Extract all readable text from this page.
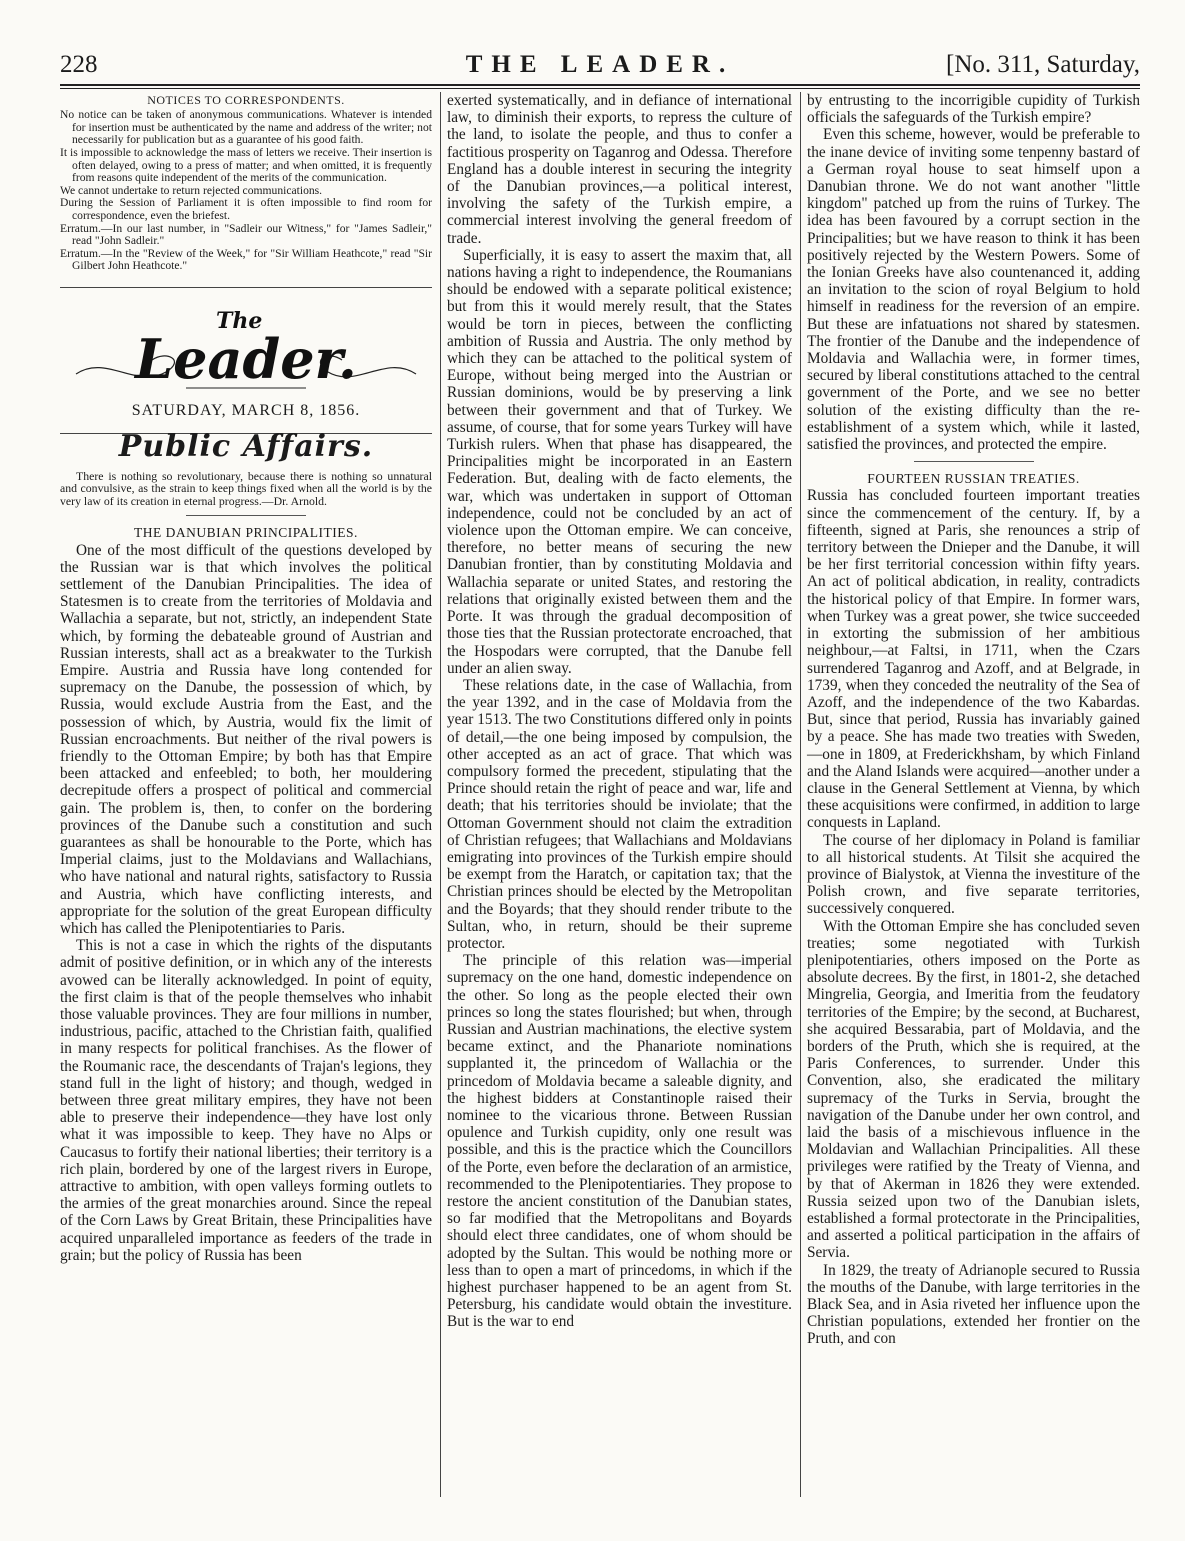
228	THE LEADER.	[No. 311, Saturday,
NOTICES TO CORRESPONDENTS.

No notice can be taken of anonymous communications. Whatever is intended for insertion must be authenticated by the name and address of the writer; not necessarily for publication but as a guarantee of his good faith.

It is impossible to acknowledge the mass of letters we receive. Their insertion is often delayed, owing to a press of matter; and when omitted, it is frequently from reasons quite independent of the merits of the communication.

We cannot undertake to return rejected communications.

During the Session of Parliament it is often impossible to find room for correspondence, even the briefest.

Erratum.—In our last number, in "Sadleir our Witness," for "James Sadleir," read "John Sadleir."

Erratum.—In the "Review of the Week," for "Sir William Heathcote," read "Sir Gilbert John Heathcote."

The
Leader.
SATURDAY, MARCH 8, 1856.
Public Affairs.

There is nothing so revolutionary, because there is nothing so unnatural and convulsive, as the strain to keep things fixed when all the world is by the very law of its creation in eternal progress.—Dr. Arnold.

THE DANUBIAN PRINCIPALITIES.

One of the most difficult of the questions developed by the Russian war is that which involves the political settlement of the Danubian Principalities. The idea of Statesmen is to create from the territories of Moldavia and Wallachia a separate, but not, strictly, an independent State which, by forming the debateable ground of Austrian and Russian interests, shall act as a breakwater to the Turkish Empire. Austria and Russia have long contended for supremacy on the Danube, the possession of which, by Russia, would exclude Austria from the East, and the possession of which, by Austria, would fix the limit of Russian encroachments. But neither of the rival powers is friendly to the Ottoman Empire; by both has that Empire been attacked and enfeebled; to both, her mouldering decrepitude offers a prospect of political and commercial gain. The problem is, then, to confer on the bordering provinces of the Danube such a constitution and such guarantees as shall be honourable to the Porte, which has Imperial claims, just to the Moldavians and Wallachians, who have national and natural rights, satisfactory to Russia and Austria, which have conflicting interests, and appropriate for the solution of the great European difficulty which has called the Plenipotentiaries to Paris.

This is not a case in which the rights of the disputants admit of positive definition, or in which any of the interests avowed can be literally acknowledged. In point of equity, the first claim is that of the people themselves who inhabit those valuable provinces. They are four millions in number, industrious, pacific, attached to the Christian faith, qualified in many respects for political franchises. As the flower of the Roumanic race, the descendants of Trajan's legions, they stand full in the light of history; and though, wedged in between three great military empires, they have not been able to preserve their independence—they have lost only what it was impossible to keep. They have no Alps or Caucasus to fortify their national liberties; their territory is a rich plain, bordered by one of the largest rivers in Europe, attractive to ambition, with open valleys forming outlets to the armies of the great monarchies around. Since the repeal of the Corn Laws by Great Britain, these Principalities have acquired unparalleled importance as feeders of the trade in grain; but the policy of Russia has been

exerted systematically, and in defiance of international law, to diminish their exports, to repress the culture of the land, to isolate the people, and thus to confer a factitious prosperity on Taganrog and Odessa. Therefore England has a double interest in securing the integrity of the Danubian provinces,—a political interest, involving the safety of the Turkish empire, a commercial interest involving the general freedom of trade.

Superficially, it is easy to assert the maxim that, all nations having a right to independence, the Roumanians should be endowed with a separate political existence; but from this it would merely result, that the States would be torn in pieces, between the conflicting ambition of Russia and Austria. The only method by which they can be attached to the political system of Europe, without being merged into the Austrian or Russian dominions, would be by preserving a link between their government and that of Turkey. We assume, of course, that for some years Turkey will have Turkish rulers. When that phase has disappeared, the Principalities might be incorporated in an Eastern Federation. But, dealing with de facto elements, the war, which was undertaken in support of Ottoman independence, could not be concluded by an act of violence upon the Ottoman empire. We can conceive, therefore, no better means of securing the new Danubian frontier, than by constituting Moldavia and Wallachia separate or united States, and restoring the relations that originally existed between them and the Porte. It was through the gradual decomposition of those ties that the Russian protectorate encroached, that the Hospodars were corrupted, that the Danube fell under an alien sway.

These relations date, in the case of Wallachia, from the year 1392, and in the case of Moldavia from the year 1513. The two Constitutions differed only in points of detail,—the one being imposed by compulsion, the other accepted as an act of grace. That which was compulsory formed the precedent, stipulating that the Prince should retain the right of peace and war, life and death; that his territories should be inviolate; that the Ottoman Government should not claim the extradition of Christian refugees; that Wallachians and Moldavians emigrating into provinces of the Turkish empire should be exempt from the Haratch, or capitation tax; that the Christian princes should be elected by the Metropolitan and the Boyards; that they should render tribute to the Sultan, who, in return, should be their supreme protector.

The principle of this relation was—imperial supremacy on the one hand, domestic independence on the other. So long as the people elected their own princes so long the states flourished; but when, through Russian and Austrian machinations, the elective system became extinct, and the Phanariote nominations supplanted it, the princedom of Wallachia or the princedom of Moldavia became a saleable dignity, and the highest bidders at Constantinople raised their nominee to the vicarious throne. Between Russian opulence and Turkish cupidity, only one result was possible, and this is the practice which the Councillors of the Porte, even before the declaration of an armistice, recommended to the Plenipotentiaries. They propose to restore the ancient constitution of the Danubian states, so far modified that the Metropolitans and Boyards should elect three candidates, one of whom should be adopted by the Sultan. This would be nothing more or less than to open a mart of princedoms, in which if the highest purchaser happened to be an agent from St. Petersburg, his candidate would obtain the investiture. But is the war to end

by entrusting to the incorrigible cupidity of Turkish officials the safeguards of the Turkish empire?

Even this scheme, however, would be preferable to the inane device of inviting some tenpenny bastard of a German royal house to seat himself upon a Danubian throne. We do not want another "little kingdom" patched up from the ruins of Turkey. The idea has been favoured by a corrupt section in the Principalities; but we have reason to think it has been positively rejected by the Western Powers. Some of the Ionian Greeks have also countenanced it, adding an invitation to the scion of royal Belgium to hold himself in readiness for the reversion of an empire. But these are infatuations not shared by statesmen. The frontier of the Danube and the independence of Moldavia and Wallachia were, in former times, secured by liberal constitutions attached to the central government of the Porte, and we see no better solution of the existing difficulty than the re-establishment of a system which, while it lasted, satisfied the provinces, and protected the empire.

FOURTEEN RUSSIAN TREATIES.

Russia has concluded fourteen important treaties since the commencement of the century. If, by a fifteenth, signed at Paris, she renounces a strip of territory between the Dnieper and the Danube, it will be her first territorial concession within fifty years. An act of political abdication, in reality, contradicts the historical policy of that Empire. In former wars, when Turkey was a great power, she twice succeeded in extorting the submission of her ambitious neighbour,—at Faltsi, in 1711, when the Czars surrendered Taganrog and Azoff, and at Belgrade, in 1739, when they conceded the neutrality of the Sea of Azoff, and the independence of the two Kabardas. But, since that period, Russia has invariably gained by a peace. She has made two treaties with Sweden,—one in 1809, at Frederickhsham, by which Finland and the Aland Islands were acquired—another under a clause in the General Settlement at Vienna, by which these acquisitions were confirmed, in addition to large conquests in Lapland.

The course of her diplomacy in Poland is familiar to all historical students. At Tilsit she acquired the province of Bialystok, at Vienna the investiture of the Polish crown, and five separate territories, successively conquered.

With the Ottoman Empire she has concluded seven treaties; some negotiated with Turkish plenipotentiaries, others imposed on the Porte as absolute decrees. By the first, in 1801-2, she detached Mingrelia, Georgia, and Imeritia from the feudatory territories of the Empire; by the second, at Bucharest, she acquired Bessarabia, part of Moldavia, and the borders of the Pruth, which she is required, at the Paris Conferences, to surrender. Under this Convention, also, she eradicated the military supremacy of the Turks in Servia, brought the navigation of the Danube under her own control, and laid the basis of a mischievous influence in the Moldavian and Wallachian Principalities. All these privileges were ratified by the Treaty of Vienna, and by that of Akerman in 1826 they were extended. Russia seized upon two of the Danubian islets, established a formal protectorate in the Principalities, and asserted a political participation in the affairs of Servia.

In 1829, the treaty of Adrianople secured to Russia the mouths of the Danube, with large territories in the Black Sea, and in Asia riveted her influence upon the Christian populations, extended her frontier on the Pruth, and con
